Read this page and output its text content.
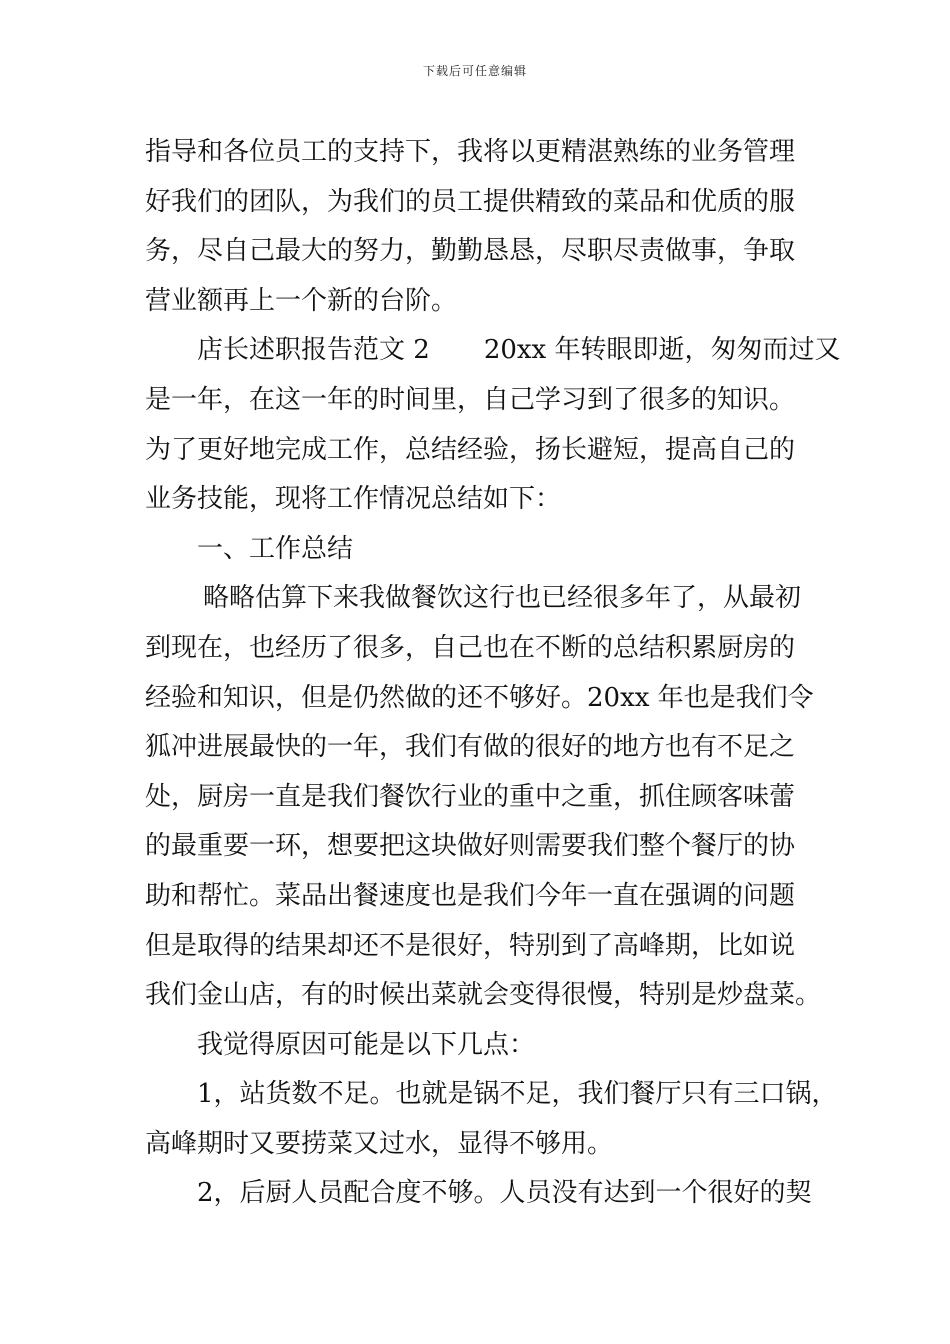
下载后可任意编辑
指导和各位员工的支持下，我将以更精湛熟练的业务管理
好我们的团队，为我们的员工提供精致的菜品和优质的服
务，尽自己最大的努力，勤勤恳恳，尽职尽责做事，争取
营业额再上一个新的台阶。
店长述职报告范文 2 20xx 年转眼即逝，匆匆而过又
是一年，在这一年的时间里，自己学习到了很多的知识。
为了更好地完成工作，总结经验，扬长避短，提高自己的
业务技能，现将工作情况总结如下：
一、工作总结
略略估算下来我做餐饮这行也已经很多年了，从最初
到现在，也经历了很多，自己也在不断的总结积累厨房的
经验和知识，但是仍然做的还不够好。20xx 年也是我们令
狐冲进展最快的一年，我们有做的很好的地方也有不足之
处，厨房一直是我们餐饮行业的重中之重，抓住顾客味蕾
的最重要一环，想要把这块做好则需要我们整个餐厅的协
助和帮忙。菜品出餐速度也是我们今年一直在强调的问题
但是取得的结果却还不是很好，特别到了高峰期，比如说
我们金山店，有的时候出菜就会变得很慢，特别是炒盘菜。
我觉得原因可能是以下几点：
1，站货数不足。也就是锅不足，我们餐厅只有三口锅，
高峰期时又要捞菜又过水，显得不够用。
2，后厨人员配合度不够。人员没有达到一个很好的契
